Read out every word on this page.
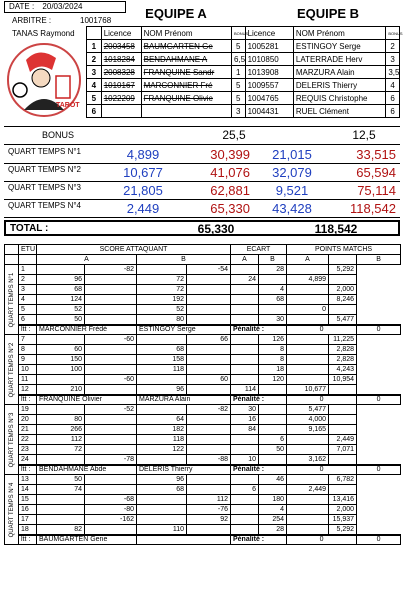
DATE : 20/03/2024
ARBITRE :	1001768
TANAS Raymond
TAROT
EQUIPE A	EQUIPE B
	Licence	NOM Prénom	BONUS	Licence	NOM Prénom	BONUS
1	2003458	BAUMGARTEN Ge	5	1005281	ESTINGOY Serge	2
2	1018284	BENDAHMANE A	6,5	1010850	LATERRADE Herv	3
3	2008328	FRANQUINE Sandr	1	1013908	MARZURA Alain	3,5
4	1010167	MARCONNIER Fré	5	1009557	DELERIS Thierry	4
5	1022209	FRANQUINE Olivie	5	1004765	REQUIS Christophe	6
6			3	1004431	RUEL Clément	6
BONUS	25,5	12,5
QUART TEMPS N°1	4,899	30,399	21,015	33,515
QUART TEMPS N°2	10,677	41,076	32,079	65,594
QUART TEMPS N°3	21,805	62,881	9,521	75,114
QUART TEMPS N°4	2,449	65,330	43,428	118,542
TOTAL :	65,330	118,542
	ETU	SCORE ATTAQUANT				ECART		POINTS MATCHS		
		A		B		A	B	A		B

QUART TEMPS N°1	1		-82		-54		28		5,292	
	2	96		72		24		4,899		
	3	68		72			4		2,000	
	4	124		192			68		8,246	
	5	52		52				0		
	6	50		80			30		5,477	
	ltt :	MARCONNIER Frédé		ESTINGOY Serge		Pénalité :		0		0

QUART TEMPS N°2	7		-60		66		126		11,225	
	8	60		68			8		2,828	
	9	150		158			8		2,828	
	10	100		118			18		4,243	
	11		-60		60		120		10,954	
	12	210		96		114		10,677		
	ltt :	FRANQUINE Olivier		MARZURA Alain		Pénalité :		0		0

QUART TEMPS N°3	19		-52		-82	30		5,477		
	20	80		64		16		4,000		
	21	266		182		84		9,165		
	22	112		118			6		2,449	
	23	72		122			50		7,071	
	24		-78		-88	10		3,162		
	ltt :	BENDAHMANE Abde		DELERIS Thierry		Pénalité :		0		0

QUART TEMPS N°4	13	50		96			46		6,782	
	14	74		68		6		2,449		
	15		-68		112		180		13,416	
	16		-80		-76		4		2,000	
	17		-162		92		254		15,937	
	18	82		110			28		5,292	
	ltt :	BAUMGARTEN Gene				Pénalité :		0		0
